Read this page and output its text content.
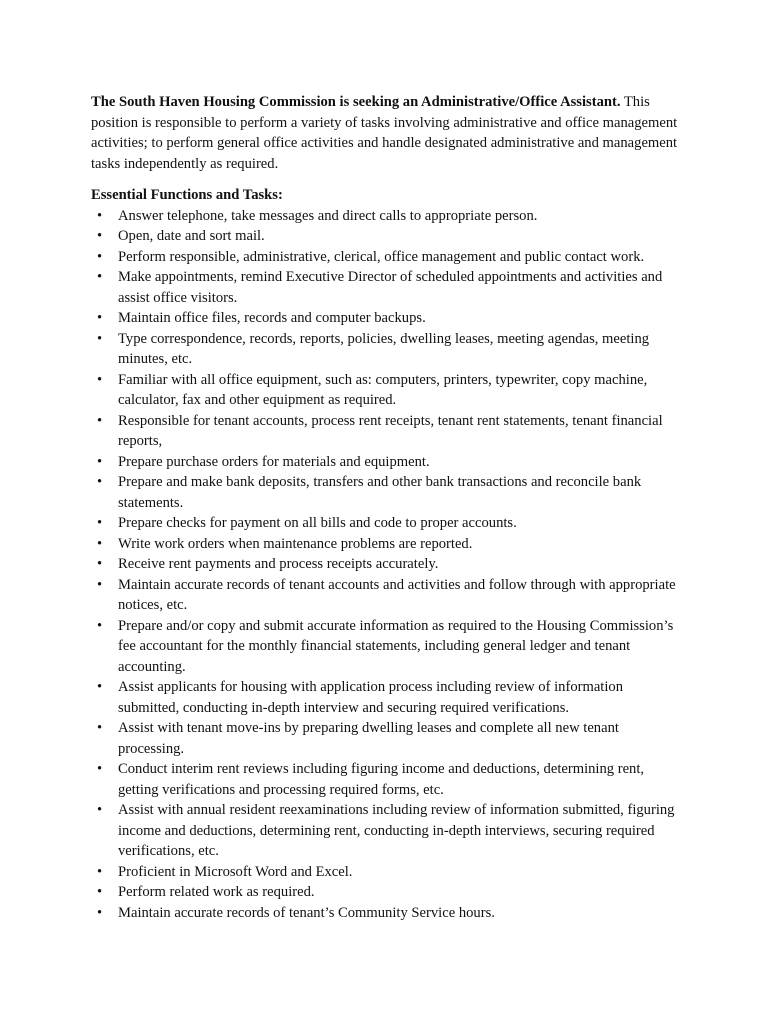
The South Haven Housing Commission is seeking an Administrative/Office Assistant. This position is responsible to perform a variety of tasks involving administrative and office management activities; to perform general office activities and handle designated administrative and management tasks independently as required.

Essential Functions and Tasks:
• Answer telephone, take messages and direct calls to appropriate person.
• Open, date and sort mail.
• Perform responsible, administrative, clerical, office management and public contact work.
• Make appointments, remind Executive Director of scheduled appointments and activities and assist office visitors.
• Maintain office files, records and computer backups.
• Type correspondence, records, reports, policies, dwelling leases, meeting agendas, meeting minutes, etc.
• Familiar with all office equipment, such as: computers, printers, typewriter, copy machine, calculator, fax and other equipment as required.
• Responsible for tenant accounts, process rent receipts, tenant rent statements, tenant financial reports,
• Prepare purchase orders for materials and equipment.
• Prepare and make bank deposits, transfers and other bank transactions and reconcile bank statements.
• Prepare checks for payment on all bills and code to proper accounts.
• Write work orders when maintenance problems are reported.
• Receive rent payments and process receipts accurately.
• Maintain accurate records of tenant accounts and activities and follow through with appropriate notices, etc.
• Prepare and/or copy and submit accurate information as required to the Housing Commission’s fee accountant for the monthly financial statements, including general ledger and tenant accounting.
• Assist applicants for housing with application process including review of information submitted, conducting in-depth interview and securing required verifications.
• Assist with tenant move-ins by preparing dwelling leases and complete all new tenant processing.
• Conduct interim rent reviews including figuring income and deductions, determining rent, getting verifications and processing required forms, etc.
• Assist with annual resident reexaminations including review of information submitted, figuring income and deductions, determining rent, conducting in-depth interviews, securing required verifications, etc.
• Proficient in Microsoft Word and Excel.
• Perform related work as required.
• Maintain accurate records of tenant’s Community Service hours.
